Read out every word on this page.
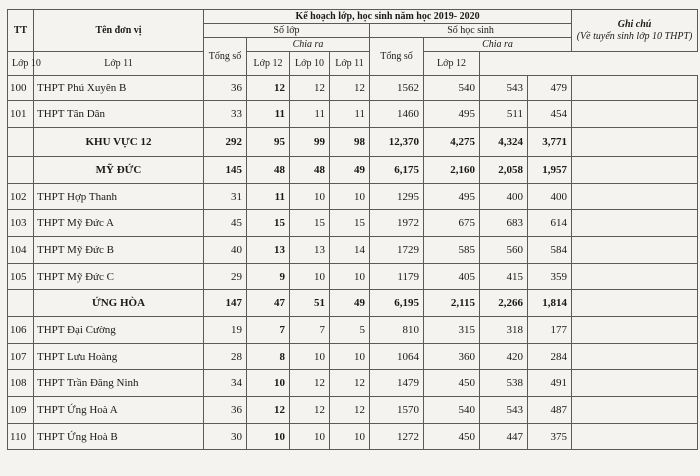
TT	Tên đơn vị	Kế hoạch lớp, học sinh năm học 2019- 2020								Ghi chú
(Về tuyển sinh lớp 10 THPT)

		Số lớp				Số học sinh				
		Tổng số	Chia ra			Tổng số	Chia ra			
Lớp 10	Lớp 11		Lớp 12	Lớp 10	Lớp 11		Lớp 12		
100	THPT Phú Xuyên B	36	12	12	12	1562	540	543	479	
101	THPT Tân Dân	33	11	11	11	1460	495	511	454	
	KHU VỰC 12	292	95	99	98	12,370	4,275	4,324	3,771	
	MỸ ĐỨC	145	48	48	49	6,175	2,160	2,058	1,957	
102	THPT Hợp Thanh	31	11	10	10	1295	495	400	400	
103	THPT Mỹ Đức A	45	15	15	15	1972	675	683	614	
104	THPT Mỹ Đức B	40	13	13	14	1729	585	560	584	
105	THPT Mỹ Đức C	29	9	10	10	1179	405	415	359	
	ỨNG HÒA	147	47	51	49	6,195	2,115	2,266	1,814	
106	THPT Đại Cường	19	7	7	5	810	315	318	177	
107	THPT Lưu Hoàng	28	8	10	10	1064	360	420	284	
108	THPT Trần Đăng Ninh	34	10	12	12	1479	450	538	491	
109	THPT Ứng Hoà A	36	12	12	12	1570	540	543	487	
110	THPT Ứng Hoà B	30	10	10	10	1272	450	447	375	
